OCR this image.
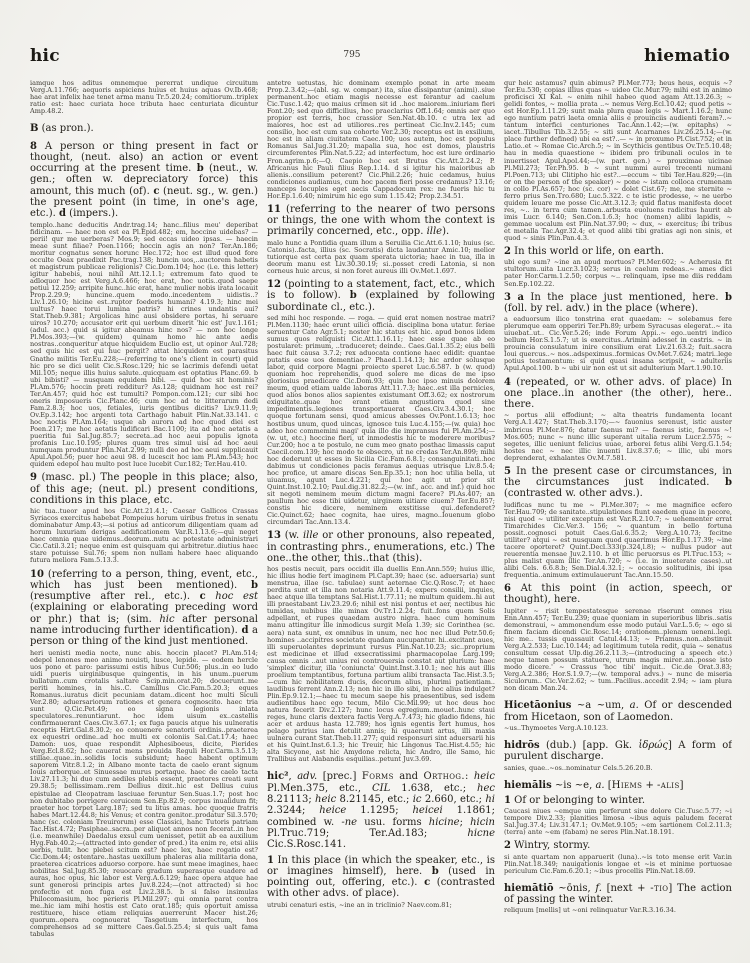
hic	795	hiematio

iamque hos aditus omnemque pererrat undique circuitum Verg.A.11.766; aequoris aspiciens huius et huius aquas Ov.Ib.468; hae arat infelix hae tenet arma manu Tr.5.20.24; comitiorum..triplex ratio est: haec curiata hoce tributa haec centuriata dicuntur Amp.48.2.

B (as pron.).

8 A person or thing present in fact or thought, (neut. also) an action or event occurring at the present time. b (neut., w. gen.; often w. depreciatory force) this amount, this much (of). c (neut. sg., w. gen.) the present point (in time, in one's age, etc.). d (impers.).

templo..hanc deducitis Andr.trag.14; hanc..filius meu' deperibat fidicinam. — haec non est ea Pl.Epid.482; em, hoccine uidebas? — perii! qur me uerberas? Mos.9; sed eccas uideo ipsas. — haecin meae sunt filiae? Poen.1166; hoccin agis an non? Ter.An.186; moritur cognatus senex horunc Hec.172; hoc est illud quod fore occulte Oeax praedixit Pac.trag.138; huncin uos,..auctorem habetis et magistrum publicae religionis? Cic.Dom.104; hoc (i.e. this letter) igitur habebis, noui nihil Att.12.1.1; extremum fato quod te adloquor hoc est Verg.A.6.466; hoc erat, hoc uotis..quod saepe petiui 12.259; arripite hunc..hic erat, hanc mulier nobis irata locauit Prop.2.29.9; huncine..quem modo..incedentem uidistis..? Liv.1.26.10; hicine est..ruptor foederis humani? 4.19.3; hinc mei uultus? haec torui lumina patris? hi crines undantis aui? Stat.Theb.9.381; Argolicas hinc ausi obsidere portas, hi seruare uiros? 10.270; accusator erit qui uerbum dixerit 'hic est' Juv.1.161; (adul. acc.) quid si igitur abeamus hinc nos? — non hoc longe Pl.Mos.393;—(w. quidem) quinam homo hic ante aedis nostras..conqueritur atque hicquidem Euclio est, ut opinor Aul.728; sed quis hic est qui huc pergit? attat hicquidem est parasitus Gnatho militis Ter.Eu.228;—(referring to one's client in court) quid hic pro se dici uelit Cic.S.Rosc.129; hic se lacrimis defendi uetat Mil.105; neque illis huius salute..quicquam est optatius Planc.69. b ubi bibisti? — nusquam equidem bibi. — quid hoc sit hominis? Pl.Am.576; hoccin preti redditur? As.128; quidnam hoc est rei? Ter.An.457; quid hoc est tumulti? Pompon.com.121; cur sibi hoc oneris imposueris Cic.Planc.46; cum hoc ad te litterarum dedi Fam.2.8.3; hoc uos, fetiales, iuris gentibus dicitis? Liv.9.11.9; Ov.Ep.3.142; hoc argenti tota Carthago habuit Plin.Nat.33.141. c hoc noctis Pl.Am.164; usque ab aurora ad hoc quod diei est Poen.217; me hoc aetatis ludificari Bac.1100; ita ad hoc aetatis a pueritia fui Sal.Jug.85.7; secreta..ad hoc aeui populis ignota profanis Luc.10.195; plures quam tres simul uisi ad hoc aeui numquam produntur Plin.Nat.2.99; nulli deo ad hoc aeui supplicauit Apul.Apol.56; puer hoc aeui 98. d lucescit hoc iam Pl.Am.543; hoc quidem edepol hau multo post luce lucebit Cur.182; Ter.Hau.410.

9 (masc. pl.) The people in this place; also, of this age; (neut. pl.) present conditions, conditions in this place, etc.

hic tua..tueor apud hos Cic.Att.21.4.1; Caesar Gallicos Crassas Syriacos exercitus habebat Pompeius horum uiribus fretus in senatu dominabatur Amp.43;—si potius ad anticorum diligentiam quam ad horum luxuriam derigas aedificationem Var.R.1.13.6;—qui neget haec omnia quae uidemus..deorum..nutu ac potestate administrari Cic.Catil.3.21; neque enim est quisquam qui arbitretur..diutius haec stare potuisse Sul.76; spem non nullam habere haec aliquando futura meliora Fam.5.13.3.

10 (referring to a person, thing, event, etc., which has just been mentioned). b (resumptive after rel., etc.). c hoc est (explaining or elaborating preceding word or phr.) that is; (sim. hic after personal name introducing further identification). d a person or thing of the kind just mentioned.

heri uenisti media nocte, nunc abis. hoccin placet? Pl.Am.514; edepol lenones meo animo nouisti, lusce, lepide. — eodem hercle uos pono et paro: parissumi estis hibus Cur.506; plus..in eo ludo uidi pueris uirginibusque quingentis, in his unum..puerum bullatum..cum crotalis saltare Scip.min.orat.20; docuerunt..me periti homines, in his..C. Camillus Cic.Fam.5.20.3; eques Romanus..iuratus dicit pecuniam datam..dicent hoc multi Siculi Ver.2.80; aduersariorum rationes et genera cognoscito. haec tria sunt Q.Cic.Pet.49; eo signa legionis inlata speculatores..renuntiarunt. hoc idem uisum ex..castellis confirmauerant Caes.Civ.3.67.1; ex fuga paucis atque his uulneratis receptis Hirt.Gal.8.30.2; eo conuenere senatorii ordinis..praeterea ex equestri ordine..ad hoc multi ex coloniis Sal.Cat.17.4; haec Damon: uos, quae respondit Alphesiboeus, dicite, Pierides Verg.Ecl.8.62; hoc cauerat mens prouida Reguli Hor.Carm.3.5.13; stillae..quae..in..solidis locis subsidunt; haec habent optimum saporem Vitr.8.1.2; in Albano monte tacta de caelo erant signum Iouis arborque..et Sinuessae murus portaque. haec de caelo tacta Liv.27.11.3; hi duo cum aediles plebis essent, praetores creati sunt 29.38.5; bellissimam..rem Dellius dixit..hic est Dellius cuius epistulae ad Cleopatram lasciuae feruntur Sen.Suas.1.7; post hoc non dubitabo porrigere ceruicem Sen.Ep.82.9; corpus inualidum fit; praeter hoc torpet Larg.187; sed tu litus amas. hoc quoque fratris habes Mart.12.44.8; his Venus; et contra genitor..prodatur Sil.3.570; hanc (sc. coloniam Treuirorum) esse Classici, hanc Tutoris patriam Tac.Hist.4.72; Pasiphae..sacra..per aliquot annos non fecerat..in hoc (i.e. meanwhile) Daedalus exsul cum uenisset, petiit ab ea auxilium Hyg.Fab.40.2;—(attracted into gender of pred.) ita enim re, etsi aliis uerbis, tulit. hoc plebei scitum est? haec lex, haec rogatio est? Cic.Dom.44; ostentare..hastas uexillum phaleras alia militaria dona, praeterea cicatrices aduorso corpore. hae sunt meae imagines, haec nobilitas Sal.Jug.85.30; reuocare gradum superasque euadere ad auras, hoc opus, hic labor est Verg.A.6.129; haec opera atque hae sunt generosi principis artes Juv.8.224;—(not attracted) si hoc profectio et non fuga est Liv.2.38.5. b si falso insimulas Philocomasium, hoc perieris Pl.Mil.297; qui omnia parat contra me..hic iam mihi hostis est Cato orat.185; quis oportuit amissa restituere, hisce etiam reliquias auerrerunt Macer hist.26; quorum..opera cognouerat Tasgetium interfectum, hos comprehensos ad se mittere Caes.Gal.5.25.4; si quis ualt fama tabulas

antetre uetustas, hic dominam exemplo ponat in arte meam Prop.2.3.42;—(abl. sg. w. compar.) ita, siue dissipantur (animi)..siue permanent..hoc etiam magis necesse est ferantur ad caelum Cic.Tusc.1.42; quo maius crimen sit id ..hoc maiorem..iniuriam fieri Font.20; sed quo difficilius, hoc praeclarius Off.1.64; omnis aer quo propior est terris, hoc crassior Sen.Nat.4b.10. c utra lex ad maiores, hoc est ad utiliores..res pertineat Cic.Inv.2.145; cum consilio, hoc est cum sua cohorte Ver.2.30; receptus est in exsilium, hoc est in aliam ciuitatem Caec.100; uos autem, hoc est populus Romanus Sal.Jug.31.20; mapalia sua, hoc est domos, plaustris circumferentes Plin.Nat.5.22; ad interfectum, hoc est iure ordinario Fron.agrim.p.6;—Q. Caepio hoc est Brutus Cic.Att.2.24.2; P. Africanus hic Pauli filius Rep.1.14. d si igitur his maioribus ab alienis..consilium peterent? Cic.Phil.2.26; huic cedamus, huius condiciones audiamus, cum hoc pacem fieri posse credamus? 13.16; manceps locuples eget aecis Cappadocum rex: ne fueris hic tu Hor.Ep.1.6.40; nimirum hic ego sum 1.15.42; Prop.2.34.51.

11 (referring to the nearer of two persons or things, the one with whom the context is primarily concerned, etc., opp. ille).

malo hunc a Pontidia quam illum a Seruilia Cic.Att.6.1.10; huius (sc. Catonis)..facta, illius (sc. Socratis) dicta laudantur Amic.10; melior tutiorque est certa pax quam sperata uictoria; haec in tua, illa in deorum manu est Liv.30.30.19; si..posset credi Latonia, si non corneus huic arcus, si non foret aureus illi Ov.Met.1.697.

12 (pointing to a statement, fact, etc., which is to follow). b (explained by following subordinate cl., etc.).

sed mihi hoc responde. — roga. — quid erat nomen nostrae matri? Pl.Men.1130; haec erunt uilici officia. disciplina bona utatur. feriae seruentur Cato Agr.5.1; noster hic status est hic. apud bonos iidem sumus quos reliquisti Cic.Att.1.16.11; haec esse quae ab eo postularet: primum, ..traduceret; deinde.. Caes.Gal.1.35.2; eius belli haec fuit causa 3.7.2; rex aduocata contione haec edidit: quantae putatis esse uos dementiae..? Phaed.1.14.13; hic ardor solusque labor, quid corpore Magni proiecto speret Luc.6.587. b (w. quod) quoniam hoc reprehendis, quod solere me dicas de me ipso gloriosius praedicare Cic.Dom.93; quin hoc ipso minuis dolorem meum, quod etiam ualde laboras Att.11.7.3; haec..est illa pernicies, quod alios bonos alios sapientes existumant Off.3.62; ex nostrorum exiguitate..quae hoc erant etiam angustiora quod sine impedimentis..legiones transportauerat Caes.Civ.3.4.30.1; hoc quoque fortunam sensi, quod amicus abesses Ov.Pont.1.6.13; hoc hostibus unum, quod uincas, ignosce tuis Luc.4.155;—(w. quia) hoc adeo hoc commemini magi' quia illo die impransus fui Pl.Am.254;—(w. ut, etc.) hoccine fieri, ut inmodestis hic te moderere moribus? Cur.200; hoc a te postulo, ne cum meo gnato posthac limassis caput Caecil.com.139; hoc modo te obsecro, ut ne credas Ter.An.899; mihi hoc dederunt ut esses in Sicilia Cic.Fam.6.8.1; consanguinitati..hoc dabimus ut condiciones pacis feramus aequas utrisque Liv.8.5.4; hoc profice, ut amare discas Sen.Ep.35.1; non hoc utilia bella, ut uiuamus, agunt Luc.4.221; qui hoc agit ut prior sit Quint.Inst.10.2.10; Paul.dig.31.82.2;—(w. inf., acc. and inf.) quid hoc sit negoti neminem meum dictum magni facere? Pl.As.407; an paullum hoc esse tibi uidetur, uirginem uitiare ciuem? Ter.Eu.857; constis hic dicere, neminem exstitisse qui..defenderet? Cic.Quinct.62; haec cognita, hae uires, magno..Iouenum globo circumdari Tac.Ann.13.4.

13 (w. ille or other pronouns, also repeated, in contrasting phrs., enumerations, etc.) The one..the other, this..that (this).

hos pestis necuit, pars occidit illa duellis Enn.Ann.559; huius illic, hic illius hodie fert imaginem Pl.Capt.39; haec (sc. aduersaria) sunt menstrua, illae (sc. tabulae) sunt aeternae Cic.Q.Rosc.7; et haec perdita sunt et illa non notaria Att.9.11.4; expers consilii, inquies, haec atque illa temptans Sal.Hist.1.77.11; ne multum quidem..hi aut illi praestabant Liv.23.29.6; nihil est nisi pontus et aer, nectibus hic tumidas, nubibus ille minax Ov.Tr.1.2.24; fuit..fons quem Solis adpellant, et rupes quaedam austro nigra. haec cum hominum manu attingitur ille inmodicus surgit Mela 1.39; sic Corinthea (sc. aera) nata sunt, ex omnibus in unum, nec hoc nec illud Petr.50.6; homines ..accipitres societate quadam aucupantur. hi..excitant aues, illi superuolantes deprimunt rursus Plin.Nat.10.23; sic..proprium est medicinae et illud exsecratissimi pharmacopolae Larg.199; causa omnis ..aut unius rei controuersia constat aut plurium: haec 'simplex' dicitur, illa 'coniuncta' Quint.Inst.3.10.1; nec his aut illis proelium temptantibus, fortuna partium alibi transacta Tac.Hist.3.5;—cum hic nobilitatem ducis, decorum alius, plurimi patientiam.. laudibus ferrent Ann.2.13; non hic in illo sibi, in hoc alius indulget? Plin.Ep.9.12.1;—haec tu mecum saepe his praesentibus, sed isdem audientibus haec ego tecum, Milo Cic.Mil.99; ut hoc deus hoc natura fecerit Div.2.127; hunc locus egregium..mouet..hunc staui reges, hunc claris dextera factis Verg.A.7.473; hic gladio fidens, hic acer et arduus hasta 12.789; hos ignis egentis fert humus, hos pelago patrius iam detulit annis; hi quaerunt artus, illi maxia uulnera curant Stat.Theb.11.277; quid responsuri sint aduersarii his et his Quint.Inst.6.1.3; hic Treuir, hic Lingonus Tac.Hist.4.55; hic alta Sicyone, ast hic Amydone relicta, hic Andro, ille Samo, hic Trallibus aut Alabandis esquilias..petunt Juv.3.69.

hic², adv. [prec.] Forms and Orthog.: heic Pl.Men.375, etc., CIL 1.638, etc.; hec 8.21113; heic 8.21145, etc.; ic 2.660, etc.; hi 2.3244; heice 1.1295; heicei 1.1861; combined w. -ne usu. forms hicine; hicin Pl.Truc.719; Ter.Ad.183; hicne Cic.S.Rosc.141.

1 In this place (in which the speaker, etc., is or imagines himself), here. b (used in pointing out, offering, etc.). c (contrasted with other advs. of place).

utrubi cenaturi estis, ~ine an in triclinio? Naev.com.81;

qur heic astamus? quin abimus? Pl.Mer.773; heus heus, ecquis ~? Ter.Eu.530; copias illius quas ~ uideo Cic.Mur.79; mihi est in animo proficisci XI Kal. ~ enim nihil habeo quod agam Att.13.26.3; ~ gelidi fontes, ~ mollia prata ..~ nemus Verg.Ecl.10.42; quod petis ~ est Hor.Ep.1.11.29; sunt mala plura quae legis ~ Mart.1.16.2; hunc ego nuntium patri laeta omnia aliis e prouinciis audienti feram?..~ tantum interfici centuriones Tac.Ann.1.42;—(w. epitaphs) ~ iacet..Tibullus Tib.3.2.55; ~ siti sunt Acarnanes Liv.26.25.14;—(w. place further defined) ubi ea est?..— ~ in proxumo Pl.Cist.752; et in Latio..et ~ Romae Cic.Arch.5; ~ in Scythicis gentibus Ov.Tr.5.10.48; hau in media quaestione ~ ibidem pro tribunali oculos in te inuertisset Apul.Apol.44;—(w. part. gen.) ~ prouximae uicinae Pl.Mil.273; Ter.Ph.95. b ~ sunt nummi aurei trecenti numani Pl.Poen.713; ubi Clitipho hic est?..—eccum ~ tibi Ter.Hau.829;—(in or on the person of the speaker) ~ pone ~ istam colloca crumenam in collo Pl.As.657; hoc (sc. cor) ~ dolet Cist.67; me, me sternite ~ ferro prius Sen.Tro.680; Luc.5.322. c te istic prodesse, ~ ne uerbo quidem leuare me posse Cic.Att.3.12.3; quid flatus manifesta docet res, ~.. in terra cum tamen..arbusta euoluens radicitus haurit ab imis Lucr. 6.140; Sen.Con.1.6.3; hoc (nomen) alibi lapidis, ~ gemmae uocalum est Plin.Nat.37.90; ~ dux, ~ exercitus; ibi tribus et metalla Tac.Agr.32.4; et quod alibi tibi gratias agi non sinis, et quod ~ sinis Plin.Pan.4.3.

2 In this world or life, on earth.

ubi ego sum? ~ine an apud mortuos? Pl.Mer.602; ~ Acherusia fit stultorum..uita Lucr.3.1023; serus in caelum redeas..~ ames dici pater Hor.Carm.1.2.50; corpus ~.. relinquam, ipse me diis reddam Sen.Ep.102.22.

3 a In the place just mentioned, here. b (foll. by rel. adv.) in the place (where).

a eaduorsum ilico tonstrina erat quaedam: ~ solebamus fere plerumque eam opperiri Ter.Ph.89; urbem Syracusas elegerat..~ ita uiuebat..ut.. Cic.Ver.5.26; inde Forum Appi..~ ego..uentri indico bellum Hor.S.1.5.7; ut is exercitus..Arimini adesset in castris. ~ in prouincia consulatum inire consilium erat Liv.21.63.2; fuit..sacra Ioui quercus..~ nos..adspeximus..formicas Ov.Met.7.624; matri..lege potius testamentum: si quid quasi insana scripsit, ~ adulteriis Apul.Apol.100. b ~ ubi uir non est ut sit adulterium Mart.1.90.10.

4 (repeated, or w. other advs. of place) In one place..in another (the other), here.. there.

~ portus alii effodiunt; ~ alta theatris fundamenta locant Verg.A.1.427; Stat.Theb.3.170;—~ fauonius serenust, istic auster imbricus Pl.Mer.876; datur faenus mi? — faenus istic, faenus ~! Mos.605; nunc ~ nunc illic superant uitalia rerum Lucr.2.575; ~ segetes, illic ueniunt felicius uuae, arborei fetus alibi Verg.G.1.54; hostes nec ~ nec illic inuenti Liv.8.37.6; ~ illic, ubi mors deprenderat, exhalantes Ov.M.7.581.

5 In the present case or circumstances, in the circumstances just indicated. b (contrasted w. other advs.).

ludificas nunc tu me ~ Pl.Mer.307; ~ me magnifice ecfero Ter.Hau.709; de sanitate..stipulationes fiunt eaedem quae in pecore, nisi quod ~ utiliter exceptum est Var.R.2.10.7; ~ uehementer errat Timarchides Cic.Ver.3. 156; ~ quantum in bello fortuna possit..cognosci potuit Caes.Gal.6.35.2; Verg.A.10.73; fecitne utiliter? atqui ~ est nusquam quod quaerimus Hor.Ep.1.17.39; ~ine tacere oporteret? Quint.Decl.333(p.324,l.8); ~ nullus pudor aut reuerentia mensae Juv.2.110. b et illic peruorsus es Pl.Truc.153; ~ plus malist quam illic Ter.An.720; ~ (i.e. in inueterate cases)..ut alibi Cels. 6.6.8.b; Sen.Dial.4.32.1; ~ occasio solitudinis, ibi ipsa frequentia..animum extimulauerunt Tac.Ann.15.50.

6 At this point (in action, speech, or thought), here.

Iupiter ~ risit tempestatesque serenae riserunt omnes risu Enn.Ann.457; Ter.Eu.239; quae quoniam in superioribus libris..satis demonstraui, ~ ammonendum esse modo putaui Var.L.5.6; ~ ego si finem faciam dicendi Cic.Rosc.14; orationem..plenam ueneni..legi. hic me.. tussis quassauit Catul.44.13; ~ Priamus..non..abstinuit Verg.A.2.533; Luc.10.144; ad legitimum tutela redit, quia ~ senatus consultum cessat Ulp.dig.26.2.11.3;—(introducing a speech etc.) neque tamen possum statuere, utrum magis mirer..an..posse isto modo dicere.' ~ Crassus 'hoc tibi' inquit.. Cic.de Orat.3.83; Verg.A.2.386; Hor.S.1.9.7;—(w. temporal advs.) ~ nunc de miseria Siculorum.. Cic.Ver.2.62; ~ tum..Pacilius..accedit 2.94; ~ iam plura non dicam Man.24.

Hicetāonius ~a ~um, a. Of or descended from Hicetaon, son of Laomedon.

~us..Thymoetes Verg.A.10.123.

hidrōs (dub.) [app. Gk. ἱδρώς] A form of purulent discharge.

sanies, quae..~os..nominatur Cels.5.26.20.B.

hiemālis ~is ~e, a. [Hiems + -alis]

1 Of or belonging to winter.

Caucasi niues ~emque uim perferunt sine dolore Cic.Tusc.5.77; ~i tempore Div.2.33; planities limosa ~ibus aquis paludem fecerat Sal.Jug.37.4; Liv.31.47.1; Ov.Met.9.105; ~em sartionem Col.2.11.3; (terra) ante ~em (fabam) ne seres Plin.Nat.18.191.

2 Wintry, stormy.

si ante quartam non apparuerit (luna)..~is toto mense erit Var.in Plin.Nat.18.349; nauigationis longae et ~is et minime portuosae periculum Cic.Fam.6.20.1; ~ibus procellis Plin.Nat.18.69.

hiemātiō ~ōnis, f. [next + -tio] The action of passing the winter.

reliquum [mellis] ut ~oni relinquatur Var.R.3.16.34.
